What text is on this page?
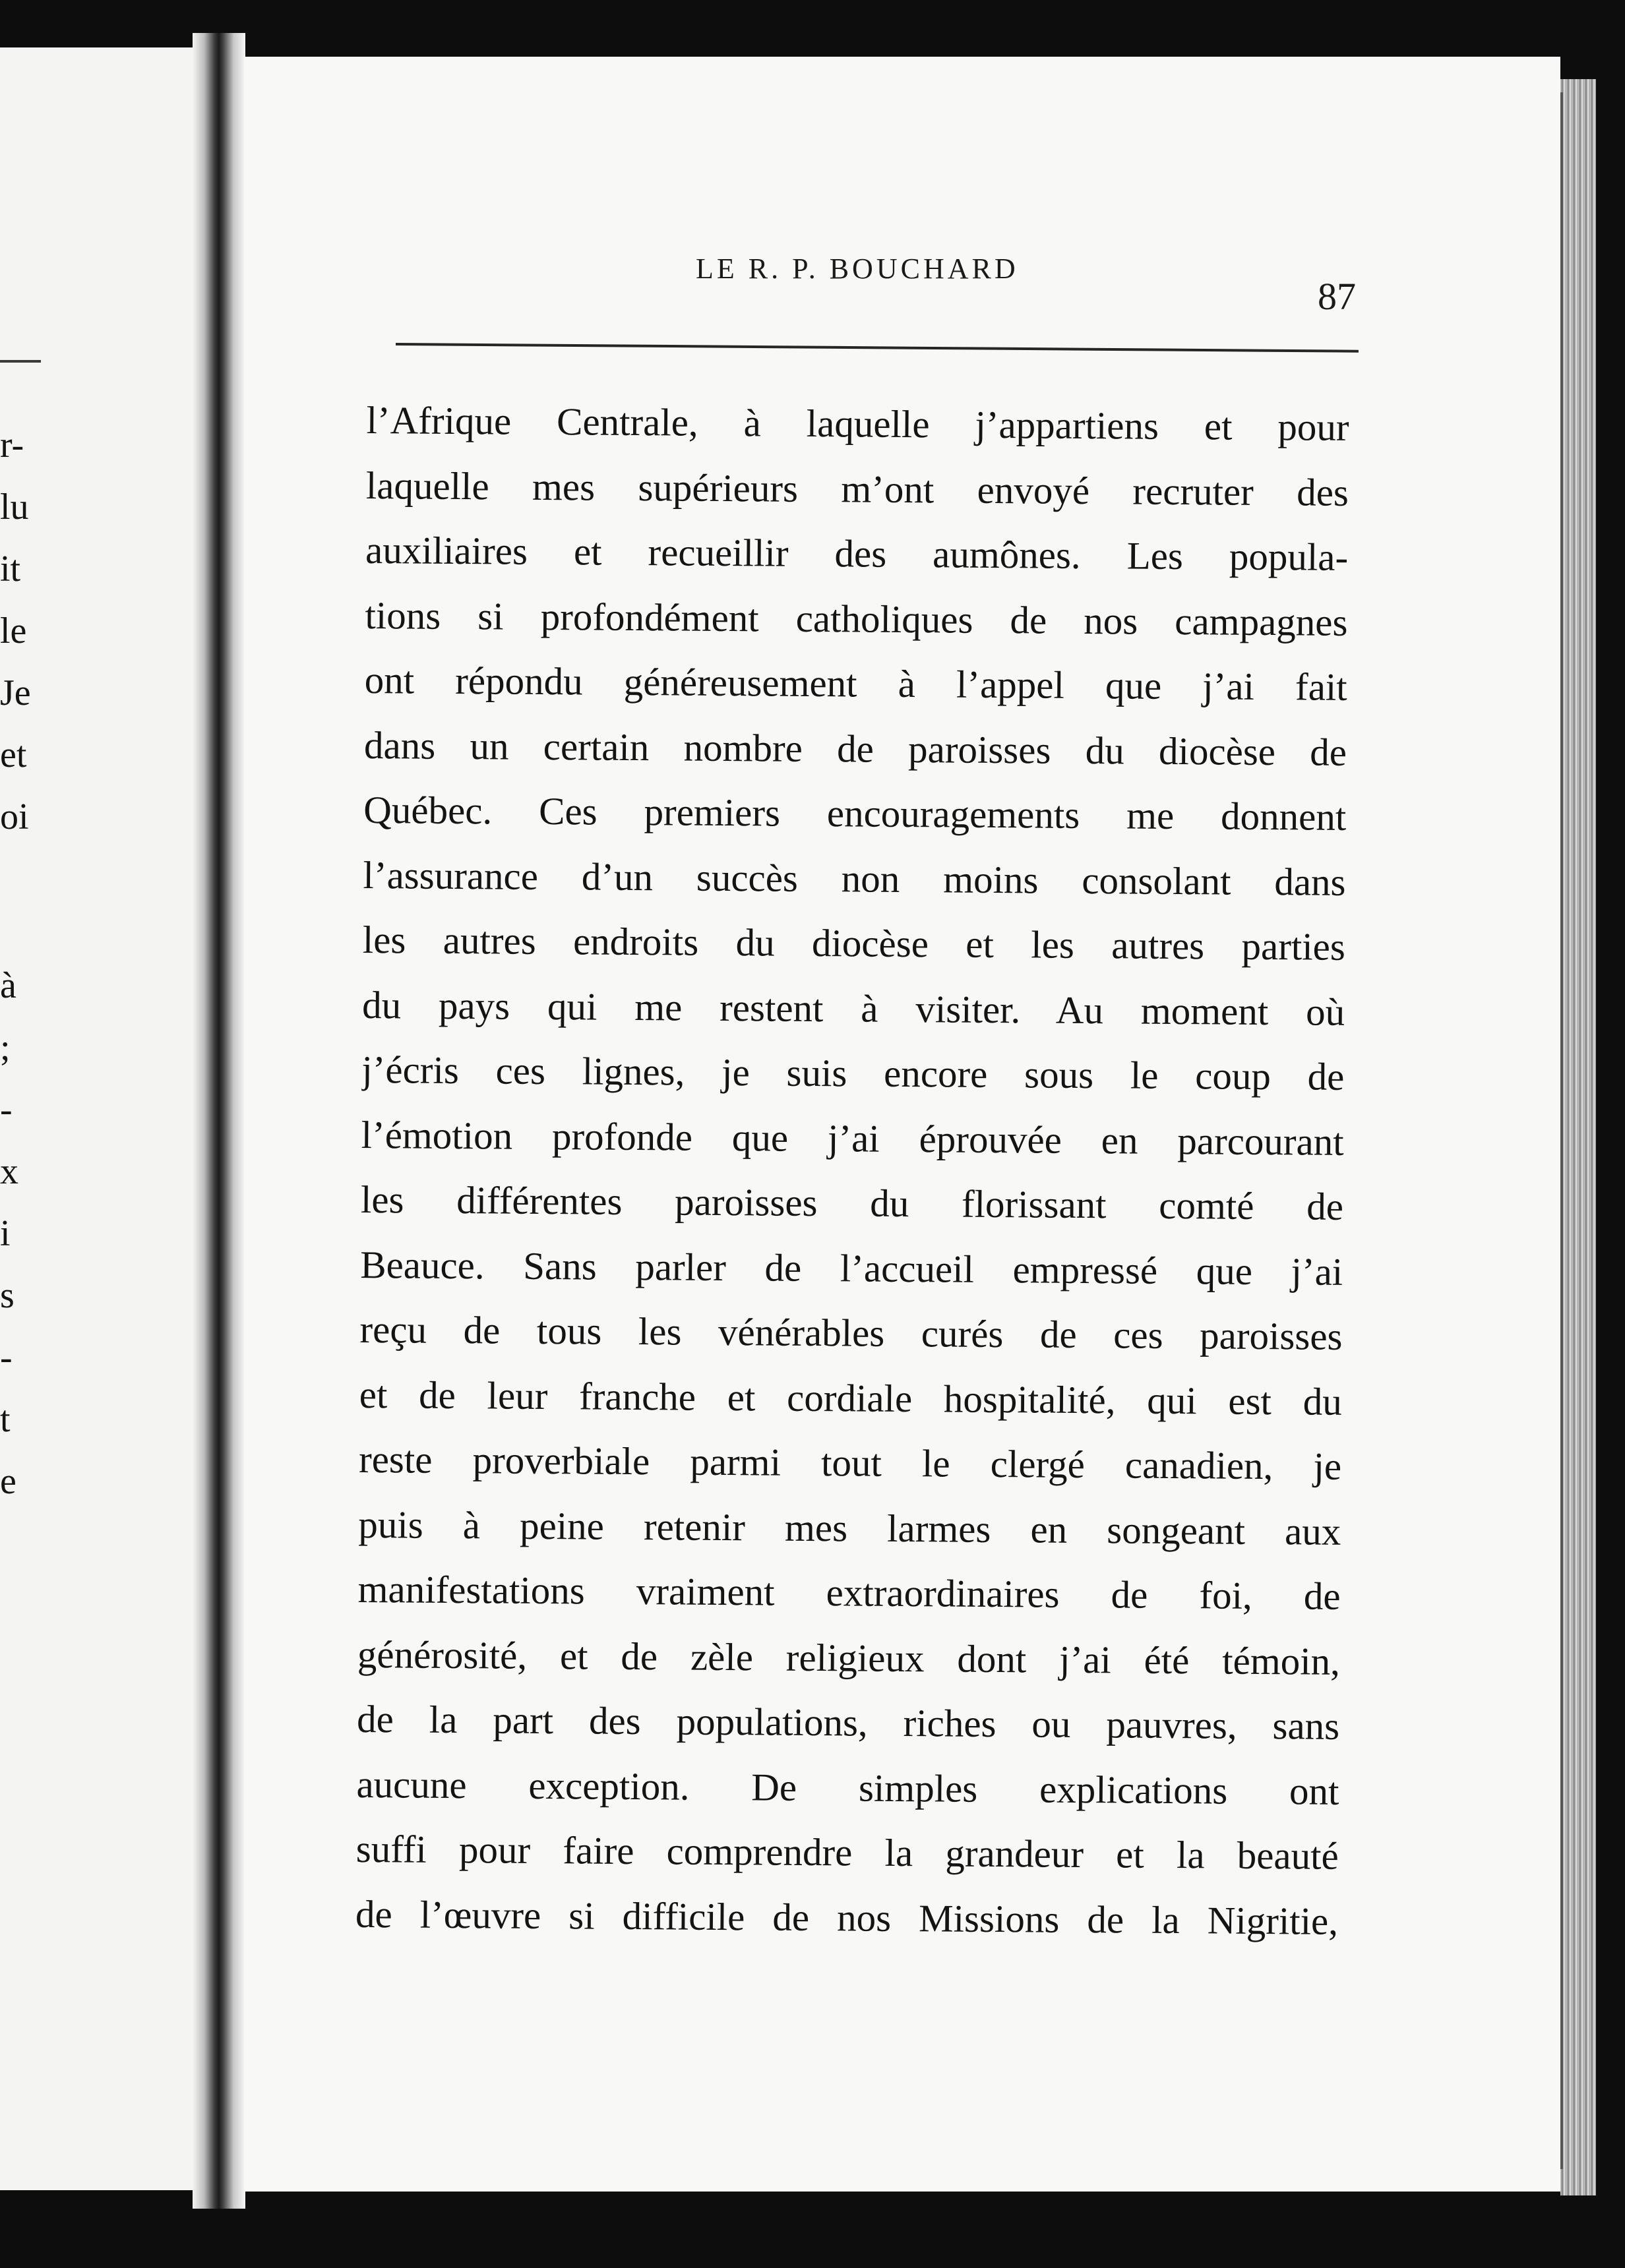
r-
lu
it
le
Je
et
oi
à
;
-
x
i
s
-
t
e
LE R. P. BOUCHARD
87
l’Afrique Centrale, à laquelle j’appartiens et pour
laquelle mes supérieurs m’ont envoyé recruter des
auxiliaires et recueillir des aumônes. Les popula-
tions si profondément catholiques de nos campagnes
ont répondu généreusement à l’appel que j’ai fait
dans un certain nombre de paroisses du diocèse de
Québec. Ces premiers encouragements me donnent
l’assurance d’un succès non moins consolant dans
les autres endroits du diocèse et les autres parties
du pays qui me restent à visiter. Au moment où
j’écris ces lignes, je suis encore sous le coup de
l’émotion profonde que j’ai éprouvée en parcourant
les différentes paroisses du florissant comté de
Beauce. Sans parler de l’accueil empressé que j’ai
reçu de tous les vénérables curés de ces paroisses
et de leur franche et cordiale hospitalité, qui est du
reste proverbiale parmi tout le clergé canadien, je
puis à peine retenir mes larmes en songeant aux
manifestations vraiment extraordinaires de foi, de
générosité, et de zèle religieux dont j’ai été témoin,
de la part des populations, riches ou pauvres, sans
aucune exception. De simples explications ont
suffi pour faire comprendre la grandeur et la beauté
de l’œuvre si difficile de nos Missions de la Nigritie,
